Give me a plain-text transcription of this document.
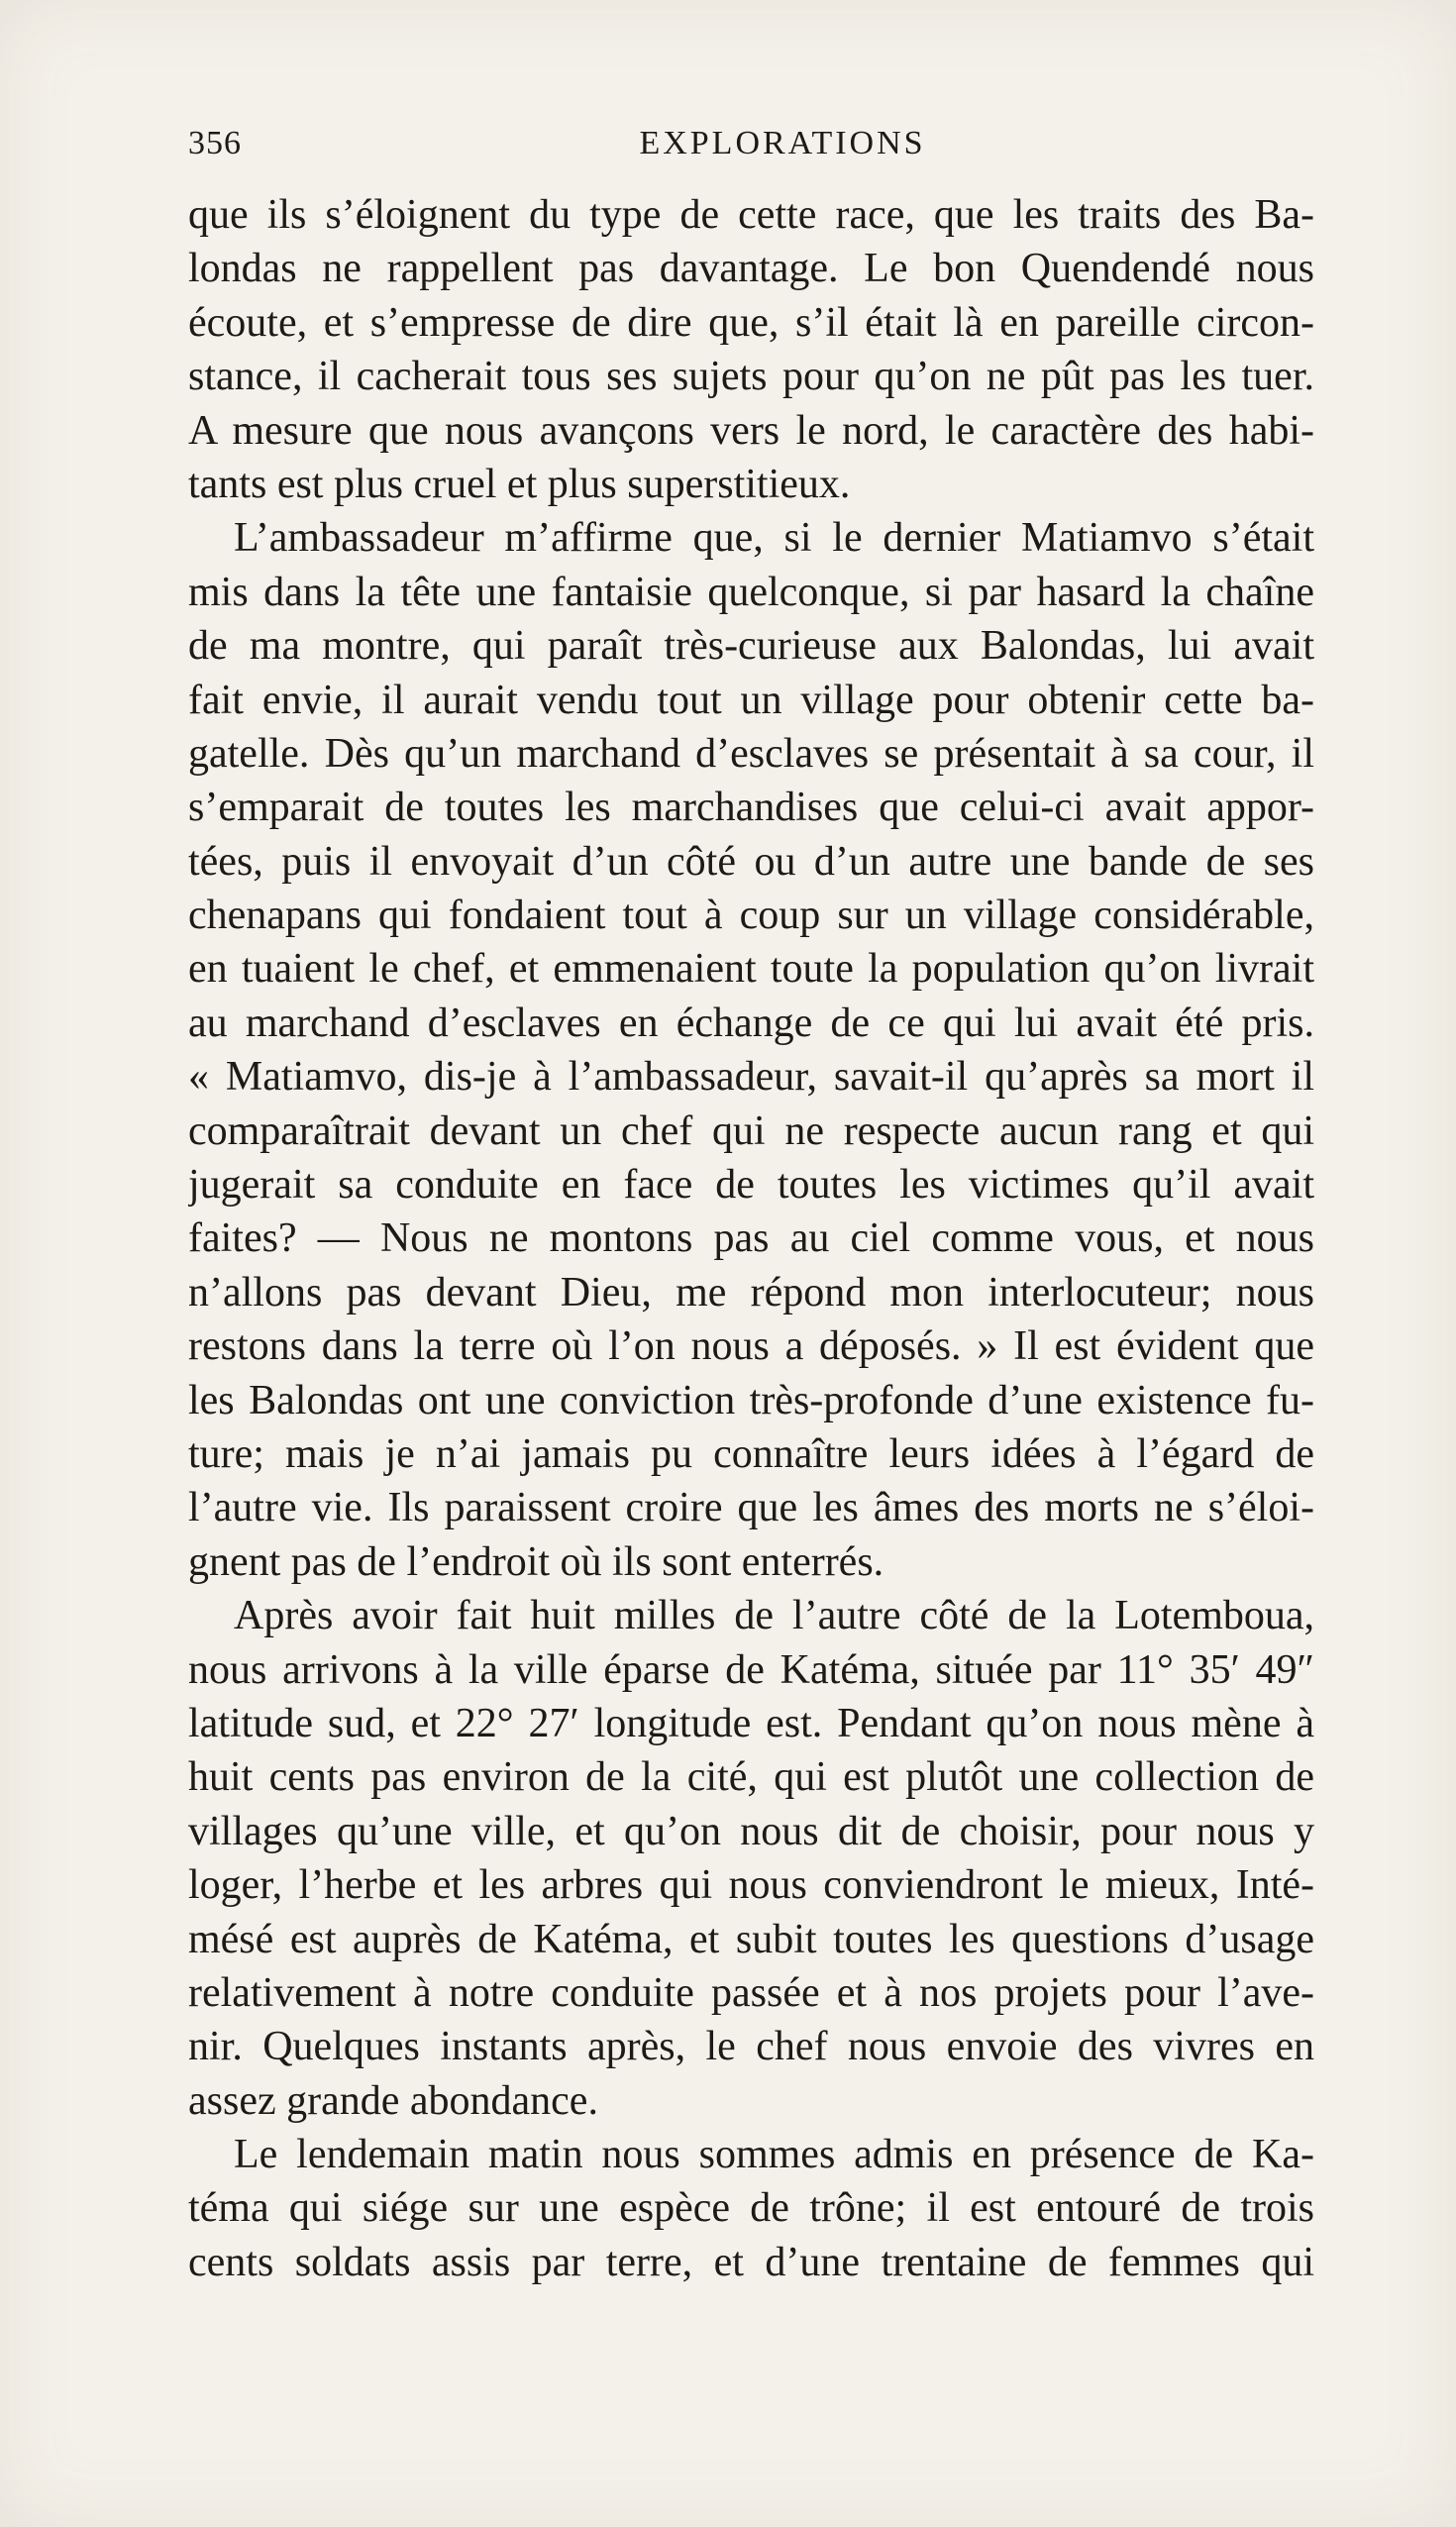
356	EXPLORATIONS
que ils s’éloignent du type de cette race, que les traits des Ba-
londas ne rappellent pas davantage. Le bon Quendendé nous
écoute, et s’empresse de dire que, s’il était là en pareille circon-
stance, il cacherait tous ses sujets pour qu’on ne pût pas les tuer.
A mesure que nous avançons vers le nord, le caractère des habi-
tants est plus cruel et plus superstitieux.
L’ambassadeur m’affirme que, si le dernier Matiamvo s’était
mis dans la tête une fantaisie quelconque, si par hasard la chaîne
de ma montre, qui paraît très-curieuse aux Balondas, lui avait
fait envie, il aurait vendu tout un village pour obtenir cette ba-
gatelle. Dès qu’un marchand d’esclaves se présentait à sa cour, il
s’emparait de toutes les marchandises que celui-ci avait appor-
tées, puis il envoyait d’un côté ou d’un autre une bande de ses
chenapans qui fondaient tout à coup sur un village considérable,
en tuaient le chef, et emmenaient toute la population qu’on livrait
au marchand d’esclaves en échange de ce qui lui avait été pris.
« Matiamvo, dis-je à l’ambassadeur, savait-il qu’après sa mort il
comparaîtrait devant un chef qui ne respecte aucun rang et qui
jugerait sa conduite en face de toutes les victimes qu’il avait
faites? — Nous ne montons pas au ciel comme vous, et nous
n’allons pas devant Dieu, me répond mon interlocuteur; nous
restons dans la terre où l’on nous a déposés. » Il est évident que
les Balondas ont une conviction très-profonde d’une existence fu-
ture; mais je n’ai jamais pu connaître leurs idées à l’égard de
l’autre vie. Ils paraissent croire que les âmes des morts ne s’éloi-
gnent pas de l’endroit où ils sont enterrés.
Après avoir fait huit milles de l’autre côté de la Lotemboua,
nous arrivons à la ville éparse de Katéma, située par 11° 35′ 49″
latitude sud, et 22° 27′ longitude est. Pendant qu’on nous mène à
huit cents pas environ de la cité, qui est plutôt une collection de
villages qu’une ville, et qu’on nous dit de choisir, pour nous y
loger, l’herbe et les arbres qui nous conviendront le mieux, Inté-
mésé est auprès de Katéma, et subit toutes les questions d’usage
relativement à notre conduite passée et à nos projets pour l’ave-
nir. Quelques instants après, le chef nous envoie des vivres en
assez grande abondance.
Le lendemain matin nous sommes admis en présence de Ka-
téma qui siége sur une espèce de trône; il est entouré de trois
cents soldats assis par terre, et d’une trentaine de femmes qui
